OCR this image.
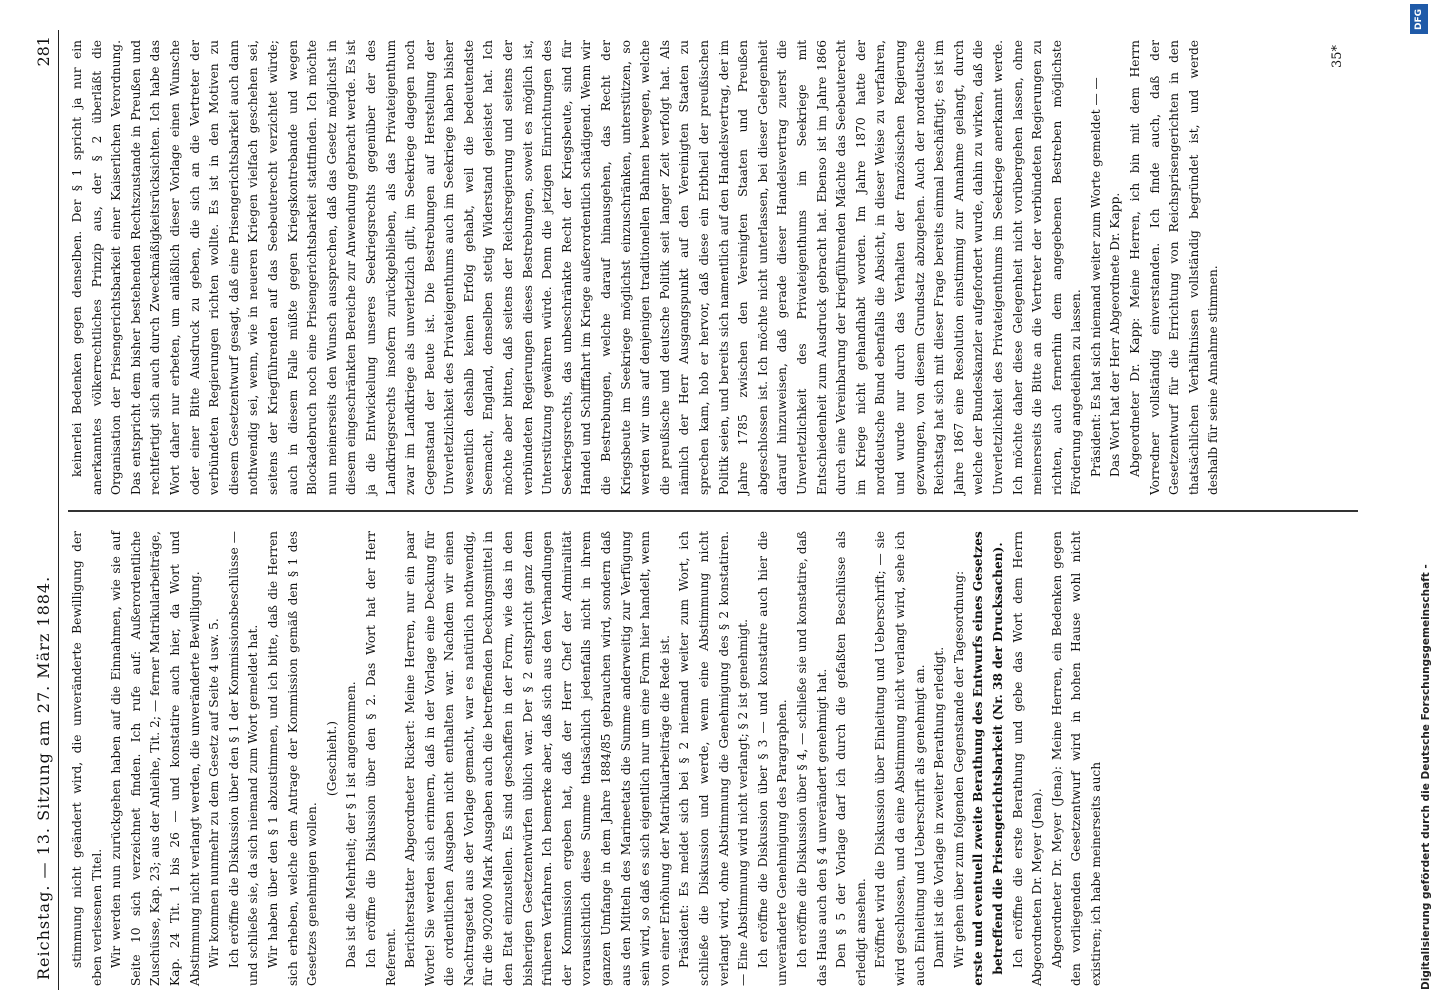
Reichstag. — 13. Sitzung am 27. März 1884.
281

stimmung nicht geändert wird, die unveränderte Bewilligung der eben verlesenen Titel. Wir werden nun zurückgehen haben auf die Einnahmen, wie sie auf Seite 10 sich verzeichnet finden. Ich rufe auf: Außerordentliche Zuschüsse, Kap. 23; aus der Anleihe, Tit. 2; — ferner Matrikularbeiträge, Kap. 24 Tit. 1 bis 26 — und konstatire auch hier, da Wort und Abstimmung nicht verlangt werden, die unveränderte Bewilligung. Wir kommen nunmehr zu dem Gesetz auf Seite 4 usw. 5. Ich eröffne die Diskussion über den § 1 der Kommissionsbeschlüsse — und schließe sie, da sich niemand zum Wort gemeldet hat. Wir haben über den § 1 abzustimmen, und ich bitte, daß die Herren sich erheben, welche dem Antrage der Kommission gemäß den § 1 des Gesetzes genehmigen wollen.

(Geschieht.) Das ist die Mehrheit; der § 1 ist angenommen. Ich eröffne die Diskussion über den § 2. Das Wort hat der Herr Referent. Berichterstatter Abgeordneter Rickert: Meine Herren, nur ein paar Worte! Sie werden sich erinnern, daß in der Vorlage eine Deckung für die ordentlichen Ausgaben nicht enthalten war. Nachdem wir einen Nachtragsetat aus der Vorlage gemacht, war es natürlich nothwendig, für die 902000 Mark Ausgaben auch die betreffenden Deckungsmittel in den Etat einzustellen. Es sind geschaffen in der Form, wie das in den bisherigen Gesetzentwürfen üblich war. Der § 2 entspricht ganz dem früheren Verfahren. Ich bemerke aber, daß sich aus den Verhandlungen der Kommission ergeben hat, daß der Herr Chef der Admiralität voraussichtlich diese Summe thatsächlich jedenfalls nicht in ihrem ganzen Umfange in dem Jahre 1884/85 gebrauchen wird, sondern daß aus den Mitteln des Marineetats die Summe anderweitig zur Verfügung sein wird, so daß es sich eigentlich nur um eine Form hier handelt, wenn von einer Erhöhung der Matrikularbeiträge die Rede ist. Präsident: Es meldet sich bei § 2 niemand weiter zum Wort, ich schließe die Diskussion und werde, wenn eine Abstimmung nicht verlangt wird, ohne Abstimmung die Genehmigung des § 2 konstatiren. — Eine Abstimmung wird nicht verlangt; § 2 ist genehmigt. Ich eröffne die Diskussion über § 3 — und konstatire auch hier die unveränderte Genehmigung des Paragraphen. Ich eröffne die Diskussion über § 4, — schließe sie und konstatire, daß das Haus auch den § 4 unverändert genehmigt hat. Den § 5 der Vorlage darf ich durch die gefaßten Beschlüsse als erledigt ansehen. Eröffnet wird die Diskussion über Einleitung und Ueberschrift; — sie wird geschlossen, und da eine Abstimmung nicht verlangt wird, sehe ich auch Einleitung und Ueberschrift als genehmigt an. Damit ist die Vorlage in zweiter Berathung erledigt. Wir gehen über zum folgenden Gegenstande der Tagesordnung: erste und eventuell zweite Berathung des Entwurfs eines Gesetzes betreffend die Prisengerichtsbarkeit (Nr. 38 der Drucksachen). Ich eröffne die erste Berathung und gebe das Wort dem Herrn Abgeordneten Dr. Meyer (Jena). Abgeordneter Dr. Meyer (Jena): Meine Herren, ein Bedenken gegen den vorliegenden Gesetzentwurf wird in hohen Hause wohl nicht existiren; ich habe meinerseits auch

keinerlei Bedenken gegen denselben. Der § 1 spricht ja nur ein anerkanntes völkerrechtliches Prinzip aus, der § 2 überläßt die Organisation der Prisengerichtsbarkeit einer Kaiserlichen Verordnung. Das entspricht dem bisher bestehenden Rechtszustande in Preußen und rechtfertigt sich auch durch Zweckmäßigkeitsrücksichten. Ich habe das Wort daher nur erbeten, um anläßlich dieser Vorlage einen Wunsche oder einer Bitte Ausdruck zu geben, die sich an die Vertreter der verbündeten Regierungen richten wollte. Es ist in den Motiven zu diesem Gesetzentwurf gesagt, daß eine Prisengerichtsbarkeit auch dann nothwendig sei, wenn, wie in neueren Kriegen vielfach geschehen sei, seitens der Kriegführenden auf das Seebeuterecht verzichtet würde; auch in diesem Falle müßte gegen Kriegskontrebande und wegen Blockadebruch noch eine Prisengerichtsbarkeit stattfinden. Ich möchte nun meinerseits den Wunsch aussprechen, daß das Gesetz möglichst in diesem eingeschränkten Bereiche zur Anwendung gebracht werde. Es ist ja die Entwickelung unseres Seekriegsrechts gegenüber der des Landkriegsrechts insofern zurückgeblieben, als das Privateigenthum zwar im Landkriege als unverletzlich gilt, im Seekriege dagegen noch Gegenstand der Beute ist. Die Bestrebungen auf Herstellung der Unverletzlichkeit des Privateigenthums auch im Seekriege haben bisher wesentlich deshalb keinen Erfolg gehabt, weil die bedeutendste Seemacht, England, denselben stetig Widerstand geleistet hat. Ich möchte aber bitten, daß seitens der Reichsregierung und seitens der verbündeten Regierungen dieses Bestrebungen, soweit es möglich ist, Unterstützung gewähren würde. Denn die jetzigen Einrichtungen des Seekriegsrechts, das unbeschränkte Recht der Kriegsbeute, sind für Handel und Schifffahrt im Kriege außerordentlich schädigend. Wenn wir die Bestrebungen, welche darauf hinausgehen, das Recht der Kriegsbeute im Seekriege möglichst einzuschränken, unterstützen, so werden wir uns auf denjenigen traditionellen Bahnen bewegen, welche die preußische und deutsche Politik seit langer Zeit verfolgt hat. Als nämlich der Herr Ausgangspunkt auf den Vereinigten Staaten zu sprechen kam, hob er hervor, daß diese ein Erbtheil der preußischen Politik seien, und bereits sich namentlich auf den Handelsvertrag, der im Jahre 1785 zwischen den Vereinigten Staaten und Preußen abgeschlossen ist. Ich möchte nicht unterlassen, bei dieser Gelegenheit darauf hinzuweisen, daß gerade dieser Handelsvertrag zuerst die Unverletzlichkeit des Privateigenthums im Seekriege mit Entschiedenheit zum Ausdruck gebracht hat. Ebenso ist im Jahre 1866 durch eine Vereinbarung der kriegführenden Mächte das Seebeuterecht im Kriege nicht gehandhabt worden. Im Jahre 1870 hatte der norddeutsche Bund ebenfalls die Absicht, in dieser Weise zu verfahren, und wurde nur durch das Verhalten der französischen Regierung gezwungen, von diesem Grundsatz abzugehen. Auch der norddeutsche Reichstag hat sich mit dieser Frage bereits einmal beschäftigt; es ist im Jahre 1867 eine Resolution einstimmig zur Annahme gelangt, durch welche der Bundeskanzler aufgefordert wurde, dahin zu wirken, daß die Unverletzlichkeit des Privateigenthums im Seekriege anerkannt werde. Ich möchte daher diese Gelegenheit nicht vorübergehen lassen, ohne meinerseits die Bitte an die Vertreter der verbündeten Regierungen zu richten, auch fernerhin dem angegebenen Bestreben möglichste Förderung angedeihen zu lassen. Präsident: Es hat sich niemand weiter zum Worte gemeldet — — Das Wort hat der Herr Abgeordnete Dr. Kapp. Abgeordneter Dr. Kapp: Meine Herren, ich bin mit dem Herrn Vorredner vollständig einverstanden. Ich finde auch, daß der Gesetzentwurf für die Errichtung von Reichsprisengerichten in den thatsächlichen Verhältnissen vollständig begründet ist, und werde deshalb für seine Annahme stimmen.

35*
DFG
Digitalisierung gefördert durch die Deutsche Forschungsgemeinschaft -
